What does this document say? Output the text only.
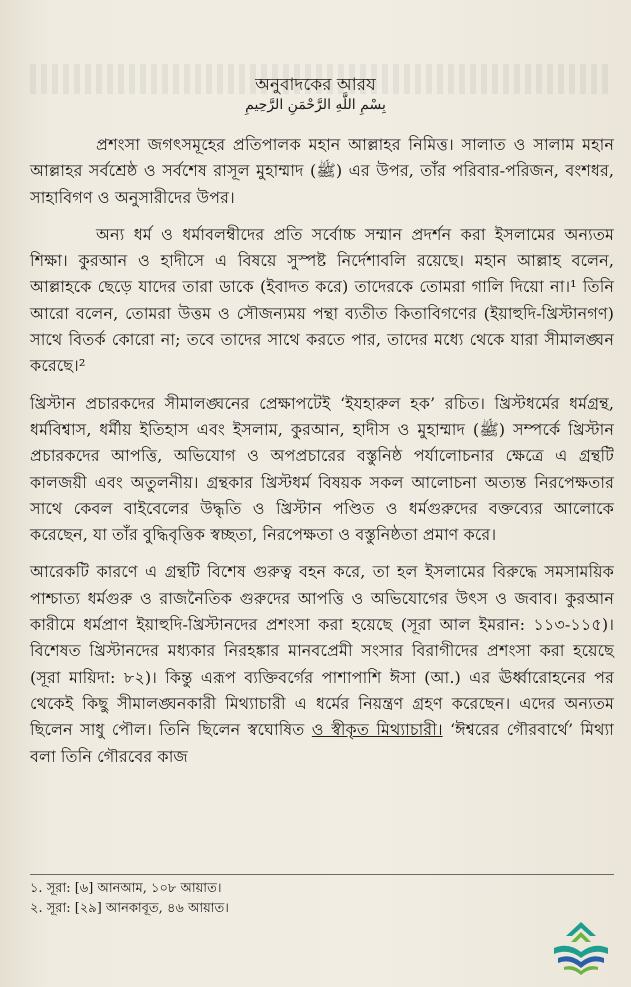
অনুবাদকের আরয
بِسْمِ اللَّهِ الرَّحْمَنِ الرَّحِيمِ

প্রশংসা জগৎসমূহের প্রতিপালক মহান আল্লাহর নিমিত্ত। সালাত ও সালাম মহান আল্লাহর সর্বশ্রেষ্ঠ ও সর্বশেষ রাসূল মুহাম্মাদ (ﷺ) এর উপর, তাঁর পরিবার-পরিজন, বংশধর, সাহাবিগণ ও অনুসারীদের উপর।

অন্য ধর্ম ও ধর্মাবলম্বীদের প্রতি সর্বোচ্চ সম্মান প্রদর্শন করা ইসলামের অন্যতম শিক্ষা। কুরআন ও হাদীসে এ বিষয়ে সুস্পষ্ট নির্দেশাবলি রয়েছে। মহান আল্লাহ বলেন, আল্লাহকে ছেড়ে যাদের তারা ডাকে (ইবাদত করে) তাদেরকে তোমরা গালি দিয়ো না।¹ তিনি আরো বলেন, তোমরা উত্তম ও সৌজন্যময় পন্থা ব্যতীত কিতাবিগণের (ইয়াহুদি-খ্রিস্টানগণ) সাথে বিতর্ক কোরো না; তবে তাদের সাথে করতে পার, তাদের মধ্যে থেকে যারা সীমালঙ্ঘন করেছে।²

খ্রিস্টান প্রচারকদের সীমালঙ্ঘনের প্রেক্ষাপটেই ‘ইযহারুল হক’ রচিত। খ্রিস্টধর্মের ধর্মগ্রন্থ, ধর্মবিশ্বাস, ধর্মীয় ইতিহাস এবং ইসলাম, কুরআন, হাদীস ও মুহাম্মাদ (ﷺ) সম্পর্কে খ্রিস্টান প্রচারকদের আপত্তি, অভিযোগ ও অপপ্রচারের বস্তুনিষ্ঠ পর্যালোচনার ক্ষেত্রে এ গ্রন্থটি কালজয়ী এবং অতুলনীয়। গ্রন্থকার খ্রিস্টধর্ম বিষয়ক সকল আলোচনা অত্যন্ত নিরপেক্ষতার সাথে কেবল বাইবেলের উদ্ধৃতি ও খ্রিস্টান পণ্ডিত ও ধর্মগুরুদের বক্তব্যের আলোকে করেছেন, যা তাঁর বুদ্ধিবৃত্তিক স্বচ্ছতা, নিরপেক্ষতা ও বস্তুনিষ্ঠতা প্রমাণ করে।

আরেকটি কারণে এ গ্রন্থটি বিশেষ গুরুত্ব বহন করে, তা হল ইসলামের বিরুদ্ধে সমসাময়িক পাশ্চাত্য ধর্মগুরু ও রাজনৈতিক গুরুদের আপত্তি ও অভিযোগের উৎস ও জবাব। কুরআন কারীমে ধর্মপ্রাণ ইয়াহুদি-খ্রিস্টানদের প্রশংসা করা হয়েছে (সূরা আল ইমরান: ১১৩-১১৫)। বিশেষত খ্রিস্টানদের মধ্যকার নিরহঙ্কার মানবপ্রেমী সংসার বিরাগীদের প্রশংসা করা হয়েছে (সূরা মায়িদা: ৮২)। কিন্তু এরূপ ব্যক্তিবর্গের পাশাপাশি ঈসা (আ.) এর ঊর্ধ্বারোহনের পর থেকেই কিছু সীমালঙ্ঘনকারী মিথ্যাচারী এ ধর্মের নিয়ন্ত্রণ গ্রহণ করেছেন। এদের অন্যতম ছিলেন সাধু পৌল। তিনি ছিলেন স্বঘোষিত ও স্বীকৃত মিথ্যাচারী। ‘ঈশ্বরের গৌরবার্থে’ মিথ্যা বলা তিনি গৌরবের কাজ

১. সূরা: [৬] আনআম, ১০৮ আয়াত।
২. সূরা: [২৯] আনকাবূত, ৪৬ আয়াত।
